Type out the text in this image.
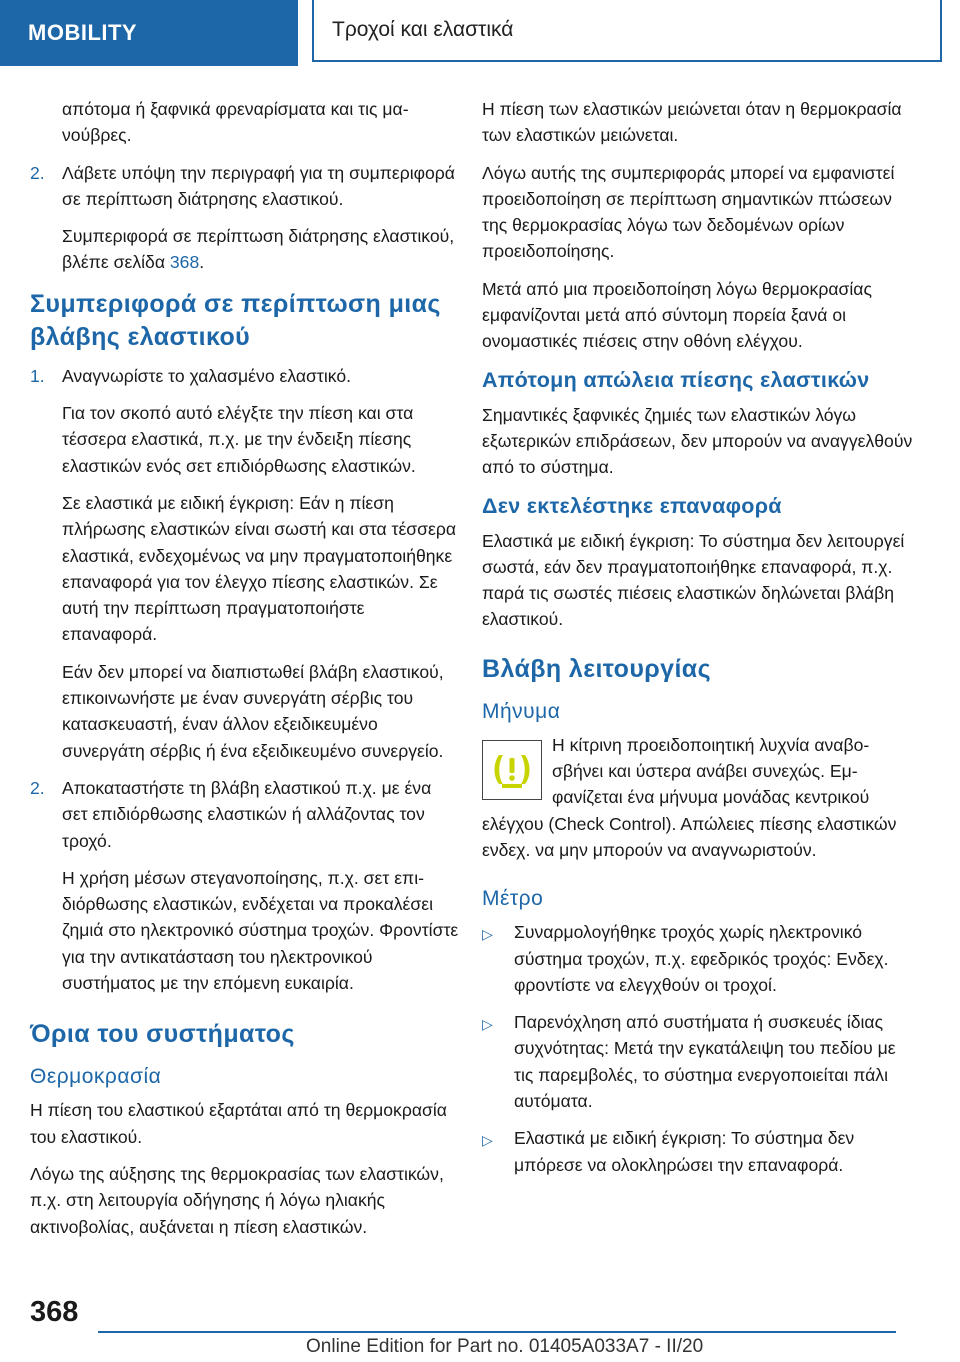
MOBILITY	Τροχοί και ελαστικά

απότομα ή ξαφνικά φρεναρίσματα και τις μανούβρες.

2. Λάβετε υπόψη την περιγραφή για τη συμπεριφορά σε περίπτωση διάτρησης ελαστικού.

Συμπεριφορά σε περίπτωση διάτρησης ελαστικού, βλέπε σελίδα 368.

Συμπεριφορά σε περίπτωση μιας βλάβης ελαστικού
1. Αναγνωρίστε το χαλασμένο ελαστικό.

Για τον σκοπό αυτό ελέγξτε την πίεση και στα τέσσερα ελαστικά, π.χ. με την ένδειξη πίεσης ελαστικών ενός σετ επιδιόρθωσης ελαστικών.

Σε ελαστικά με ειδική έγκριση: Εάν η πίεση πλήρωσης ελαστικών είναι σωστή και στα τέσσερα ελαστικά, ενδεχομένως να μην πραγματοποιήθηκε επαναφορά για τον έλεγχο πίεσης ελαστικών. Σε αυτή την περίπτωση πραγματοποιήστε επαναφορά.

Εάν δεν μπορεί να διαπιστωθεί βλάβη ελαστικού, επικοινωνήστε με έναν συνεργάτη σέρβις του κατασκευαστή, έναν άλλον εξειδικευμένο συνεργάτη σέρβις ή ένα εξειδικευμένο συνεργείο.

2. Αποκαταστήστε τη βλάβη ελαστικού π.χ. με ένα σετ επιδιόρθωσης ελαστικών ή αλλάζοντας τον τροχό.

Η χρήση μέσων στεγανοποίησης, π.χ. σετ επιδιόρθωσης ελαστικών, ενδέχεται να προκαλέσει ζημιά στο ηλεκτρονικό σύστημα τροχών. Φροντίστε για την αντικατάσταση του ηλεκτρονικού συστήματος με την επόμενη ευκαιρία.

Όρια του συστήματος
Θερμοκρασία

Η πίεση του ελαστικού εξαρτάται από τη θερμοκρασία του ελαστικού.

Λόγω της αύξησης της θερμοκρασίας των ελαστικών, π.χ. στη λειτουργία οδήγησης ή λόγω ηλιακής ακτινοβολίας, αυξάνεται η πίεση ελαστικών.

Η πίεση των ελαστικών μειώνεται όταν η θερμοκρασία των ελαστικών μειώνεται.

Λόγω αυτής της συμπεριφοράς μπορεί να εμφανιστεί προειδοποίηση σε περίπτωση σημαντικών πτώσεων της θερμοκρασίας λόγω των δεδομένων ορίων προειδοποίησης.

Μετά από μια προειδοποίηση λόγω θερμοκρασίας εμφανίζονται μετά από σύντομη πορεία ξανά οι ονομαστικές πιέσεις στην οθόνη ελέγχου.

Απότομη απώλεια πίεσης ελαστικών

Σημαντικές ξαφνικές ζημιές των ελαστικών λόγω εξωτερικών επιδράσεων, δεν μπορούν να αναγγελθούν από το σύστημα.

Δεν εκτελέστηκε επαναφορά

Ελαστικά με ειδική έγκριση: Το σύστημα δεν λειτουργεί σωστά, εάν δεν πραγματοποιήθηκε επαναφορά, π.χ. παρά τις σωστές πιέσεις ελαστικών δηλώνεται βλάβη ελαστικού.

Βλάβη λειτουργίας
Μήνυμα

Η κίτρινη προειδοποιητική λυχνία αναβοσβήνει και ύστερα ανάβει συνεχώς. Εμφανίζεται ένα μήνυμα μονάδας κεντρικού ελέγχου (Check Control). Απώλειες πίεσης ελαστικών ενδεχ. να μην μπορούν να αναγνωριστούν.

Μέτρο
▷	Συναρμολογήθηκε τροχός χωρίς ηλεκτρονικό σύστημα τροχών, π.χ. εφεδρικός τροχός: Ενδεχ. φροντίστε να ελεγχθούν οι τροχοί.
▷	Παρενόχληση από συστήματα ή συσκευές ίδιας συχνότητας: Μετά την εγκατάλειψη του πεδίου με τις παρεμβολές, το σύστημα ενεργοποιείται πάλι αυτόματα.
▷	Ελαστικά με ειδική έγκριση: Το σύστημα δεν μπόρεσε να ολοκληρώσει την επαναφορά.
368
Online Edition for Part no. 01405A033A7 - II/20
